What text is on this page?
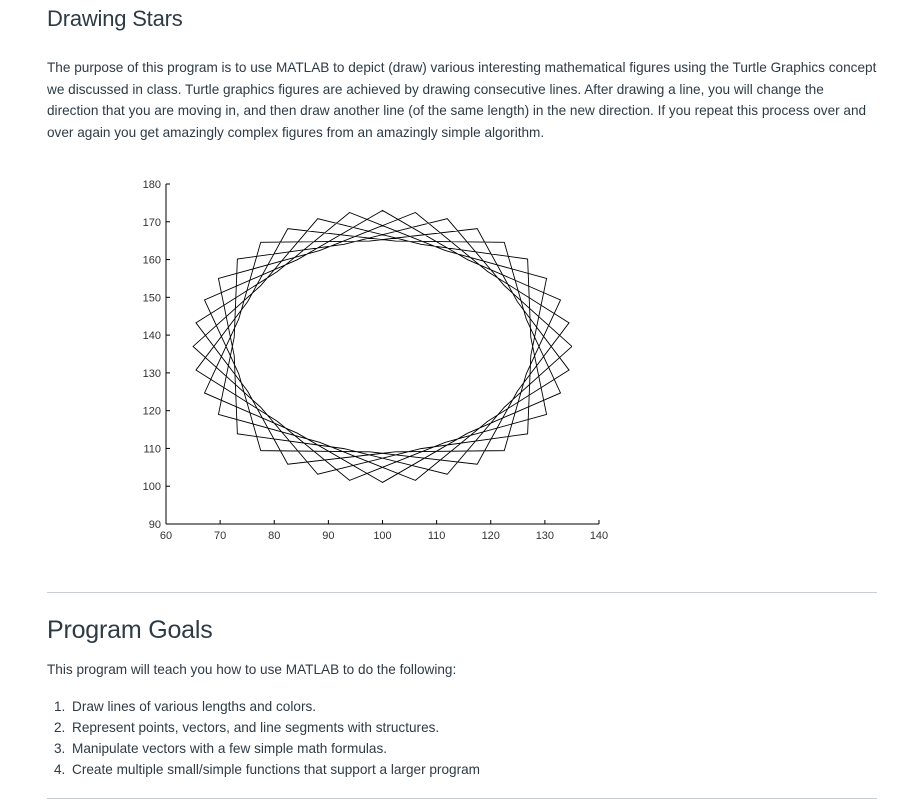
Drawing Stars

The purpose of this program is to use MATLAB to depict (draw) various interesting mathematical figures using the Turtle Graphics concept we discussed in class. Turtle graphics figures are achieved by drawing consecutive lines. After drawing a line, you will change the direction that you are moving in, and then draw another line (of the same length) in the new direction. If you repeat this process over and over again you get amazingly complex figures from an amazingly simple algorithm.

60	70	80	90	100	110	120	130	140
90
100
110
120
130
140
150
160
170
180
Program Goals

This program will teach you how to use MATLAB to do the following:

1. Draw lines of various lengths and colors.
2. Represent points, vectors, and line segments with structures.
3. Manipulate vectors with a few simple math formulas.
4. Create multiple small/simple functions that support a larger program
